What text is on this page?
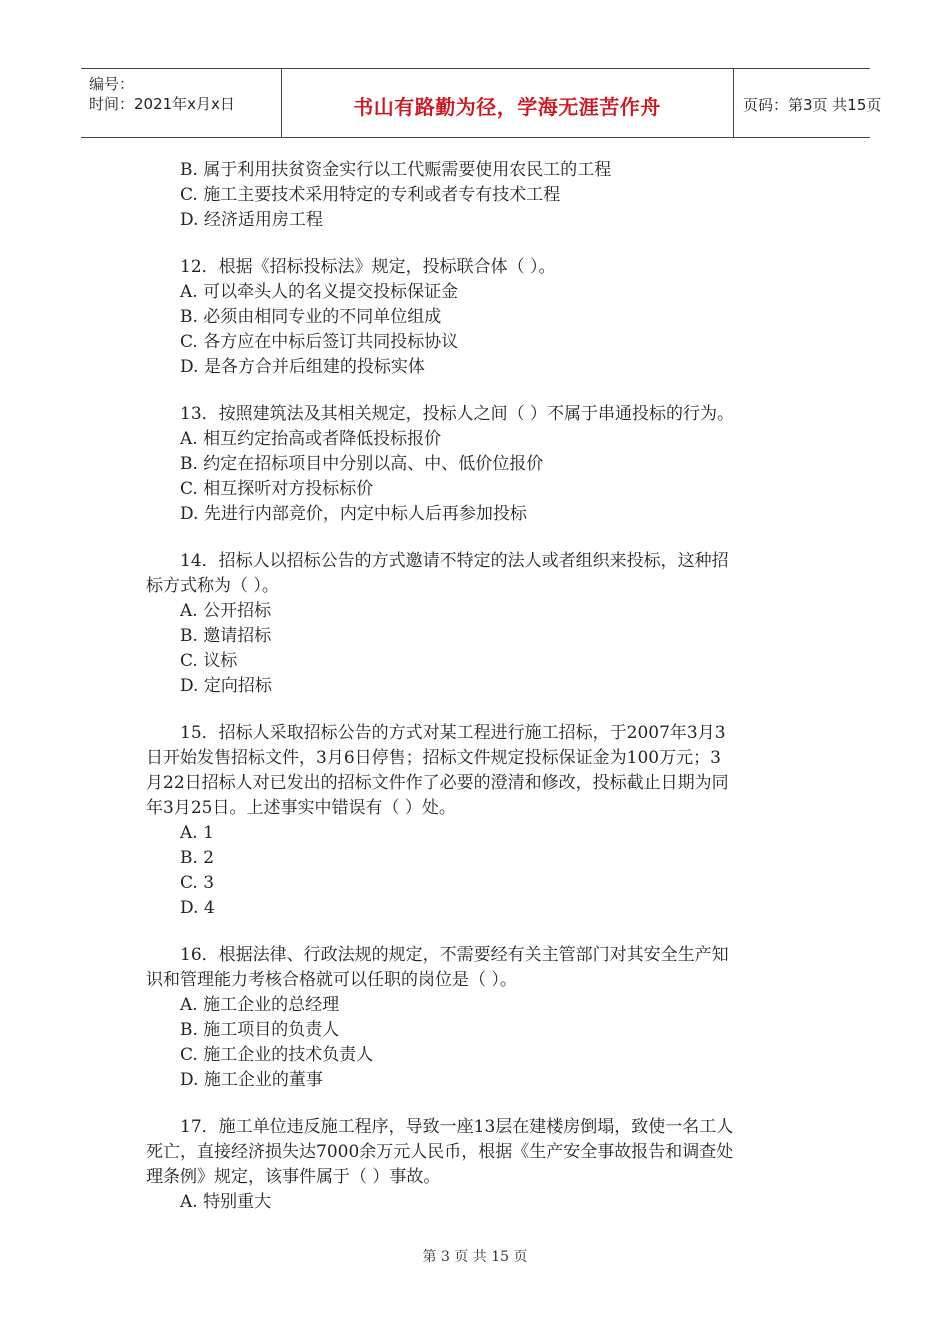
编号：
时间：2021年x月x日	书山有路勤为径，学海无涯苦作舟	页码：第3页 共15页
B. 属于利用扶贫资金实行以工代赈需要使用农民工的工程
C. 施工主要技术采用特定的专利或者专有技术工程
D. 经济适用房工程
12．根据《招标投标法》规定，投标联合体（ ）。
A. 可以牵头人的名义提交投标保证金
B. 必须由相同专业的不同单位组成
C. 各方应在中标后签订共同投标协议
D. 是各方合并后组建的投标实体
13．按照建筑法及其相关规定，投标人之间（ ）不属于串通投标的行为。
A. 相互约定抬高或者降低投标报价
B. 约定在招标项目中分别以高、中、低价位报价
C. 相互探听对方投标标价
D. 先进行内部竞价，内定中标人后再参加投标
14．招标人以招标公告的方式邀请不特定的法人或者组织来投标，这种招
标方式称为（ ）。
A. 公开招标
B. 邀请招标
C. 议标
D. 定向招标
15．招标人采取招标公告的方式对某工程进行施工招标，于2007年3月3
日开始发售招标文件，3月6日停售；招标文件规定投标保证金为100万元；3
月22日招标人对已发出的招标文件作了必要的澄清和修改，投标截止日期为同
年3月25日。上述事实中错误有（ ）处。
A. 1
B. 2
C. 3
D. 4
16．根据法律、行政法规的规定，不需要经有关主管部门对其安全生产知
识和管理能力考核合格就可以任职的岗位是（ ）。
A. 施工企业的总经理
B. 施工项目的负责人
C. 施工企业的技术负责人
D. 施工企业的董事
17．施工单位违反施工程序，导致一座13层在建楼房倒塌，致使一名工人
死亡，直接经济损失达7000余万元人民币，根据《生产安全事故报告和调查处
理条例》规定，该事件属于（ ）事故。
A. 特别重大
第 3 页 共 15 页
